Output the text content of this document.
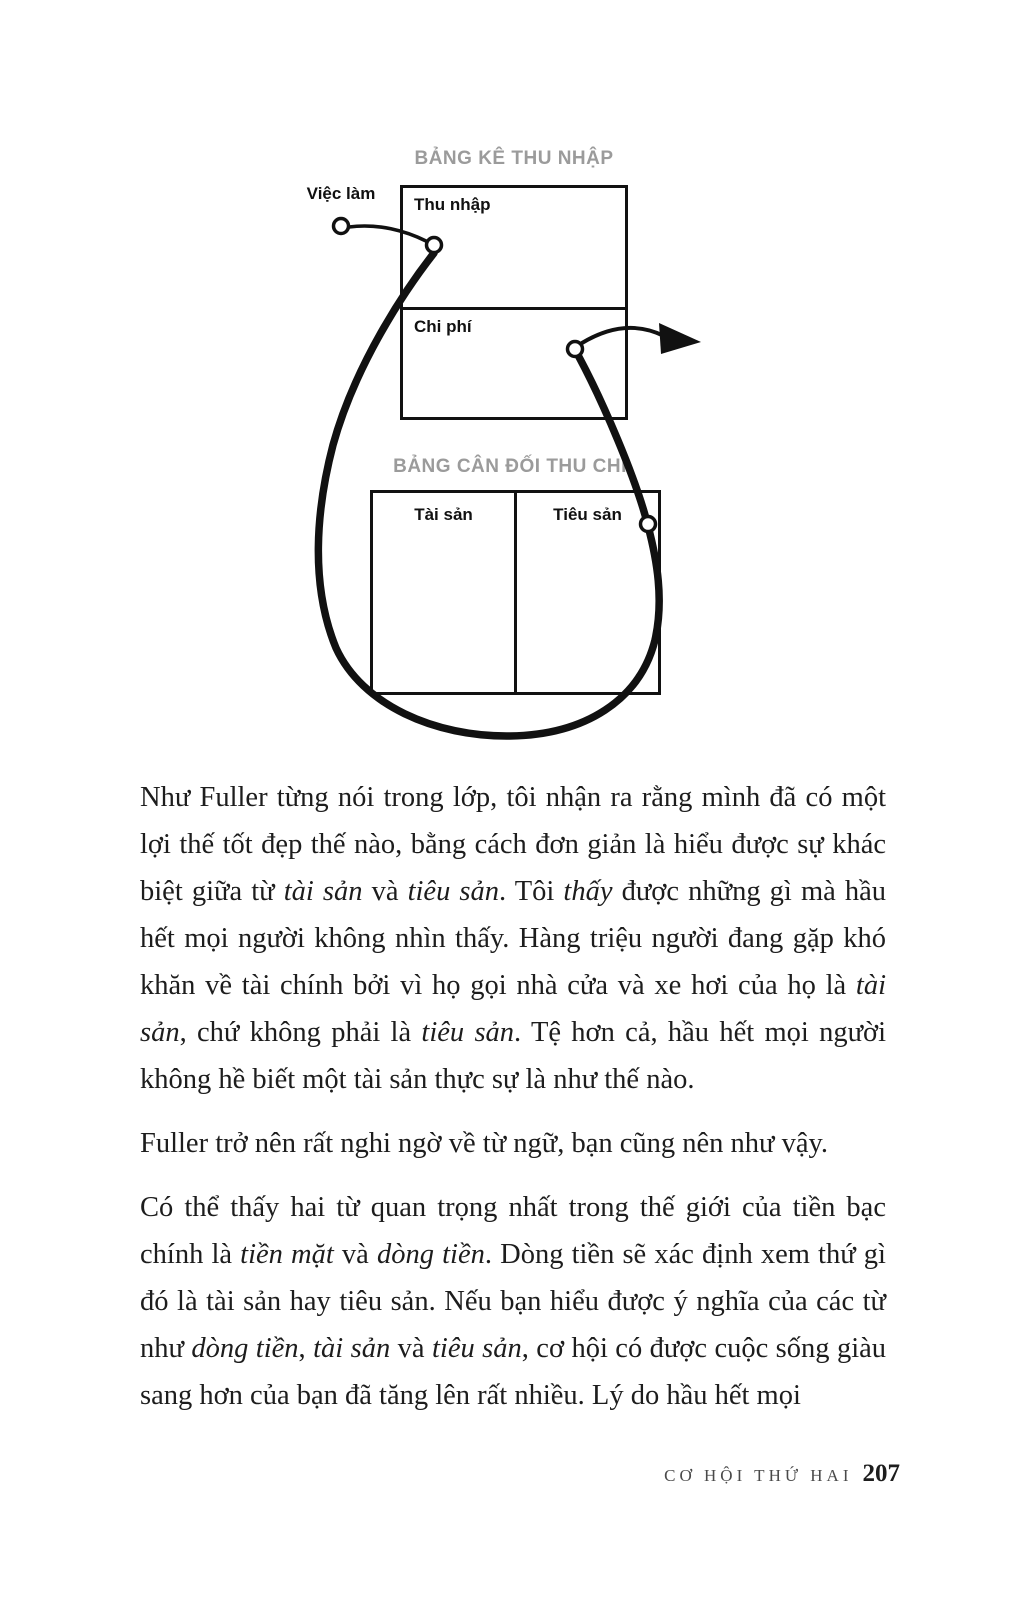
BẢNG KÊ THU NHẬP
Việc làm
Thu nhập
Chi phí
BẢNG CÂN ĐỐI THU CHI
Tài sản	Tiêu sản

Như Fuller từng nói trong lớp, tôi nhận ra rằng mình đã có một lợi thế tốt đẹp thế nào, bằng cách đơn giản là hiểu được sự khác biệt giữa từ tài sản và tiêu sản. Tôi thấy được những gì mà hầu hết mọi người không nhìn thấy. Hàng triệu người đang gặp khó khăn về tài chính bởi vì họ gọi nhà cửa và xe hơi của họ là tài sản, chứ không phải là tiêu sản. Tệ hơn cả, hầu hết mọi người không hề biết một tài sản thực sự là như thế nào.

Fuller trở nên rất nghi ngờ về từ ngữ, bạn cũng nên như vậy.

Có thể thấy hai từ quan trọng nhất trong thế giới của tiền bạc chính là tiền mặt và dòng tiền. Dòng tiền sẽ xác định xem thứ gì đó là tài sản hay tiêu sản. Nếu bạn hiểu được ý nghĩa của các từ như dòng tiền, tài sản và tiêu sản, cơ hội có được cuộc sống giàu sang hơn của bạn đã tăng lên rất nhiều. Lý do hầu hết mọi

CƠ HỘI THỨ HAI 207
